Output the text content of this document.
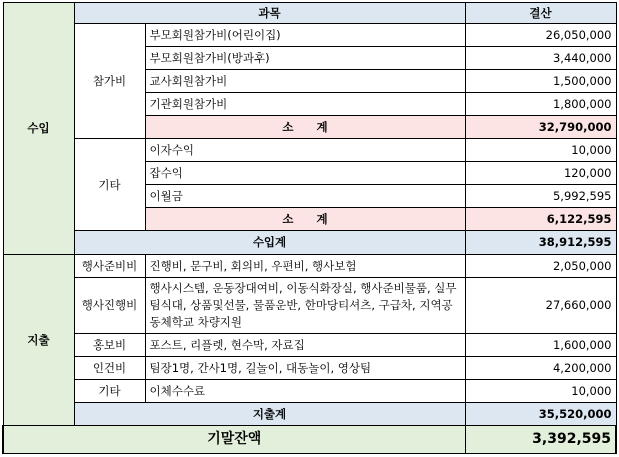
수입	과목		결산
	참가비	부모회원참가비(어린이집)	26,050,000
		부모회원참가비(방과후)	3,440,000
		교사회원참가비	1,500,000
		기관회원참가비	1,800,000
		소　　계	32,790,000
	기타	이자수익	10,000
		잡수익	120,000
		이월금	5,992,595
		소　　계	6,122,595
	수입계		38,912,595

지출	행사준비비	진행비, 문구비, 회의비, 우편비, 행사보험	2,050,000
	행사진행비	행사시스템, 운동장대여비, 이동식화장실, 행사준비물품, 실무팀식대, 상품및선물, 물품운반, 한마당티셔츠, 구급차, 지역공동체학교 차량지원	27,660,000
	홍보비	포스트, 리플렛, 현수막, 자료집	1,600,000
	인건비	팀장1명, 간사1명, 길놀이, 대동놀이, 영상팀	4,200,000
	기타	이체수수료	10,000
	지출계		35,520,000
기말잔액			3,392,595
